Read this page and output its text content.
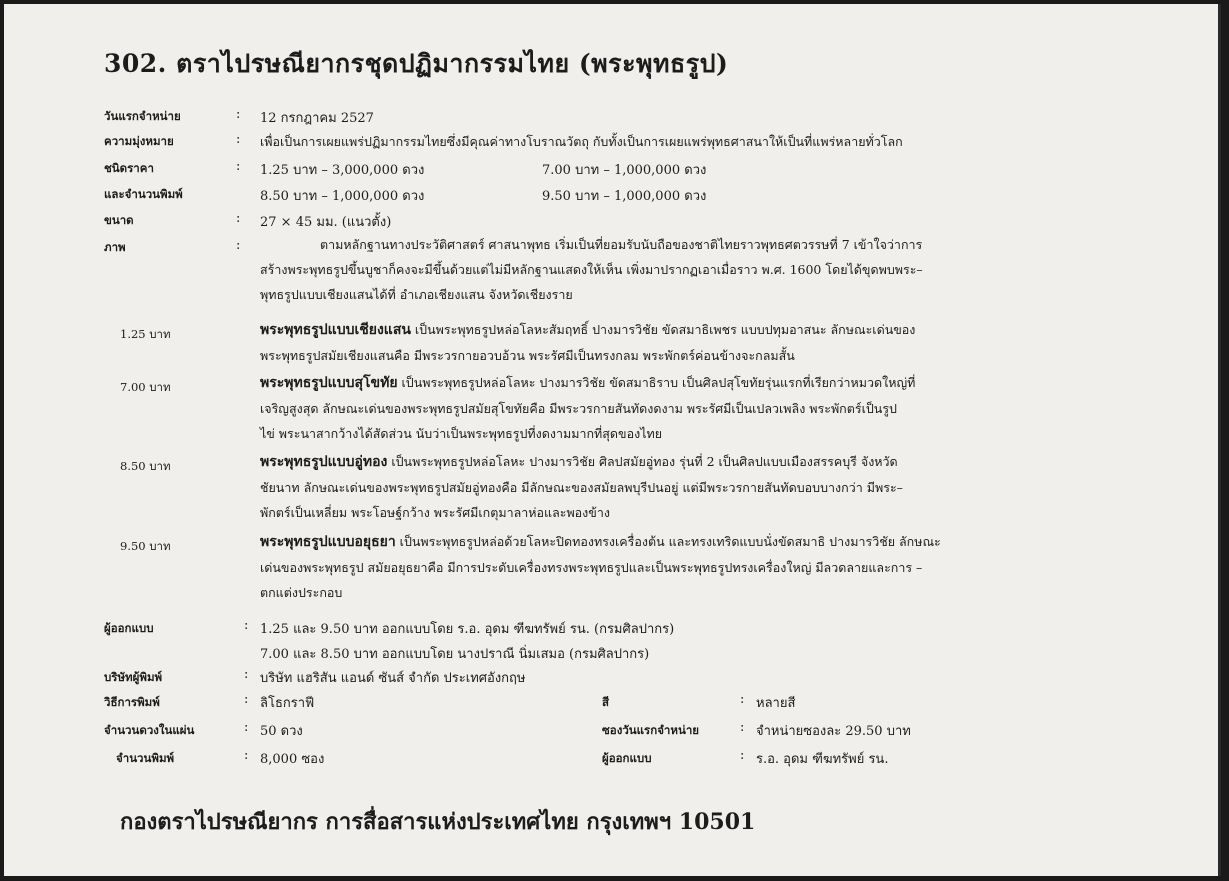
302. ตราไปรษณียากรชุดปฏิมากรรมไทย (พระพุทธรูป)
วันแรกจำหน่าย	: 12 กรกฎาคม 2527
ความมุ่งหมาย	: เพื่อเป็นการเผยแพร่ปฏิมากรรมไทยซึ่งมีคุณค่าทางโบราณวัตถุ กับทั้งเป็นการเผยแพร่พุทธศาสนาให้เป็นที่แพร่หลายทั่วโลก
ชนิดราคา	: 1.25 บาท – 3,000,000 ดวง	7.00 บาท – 1,000,000 ดวง
และจำนวนพิมพ์	8.50 บาท – 1,000,000 ดวง	9.50 บาท – 1,000,000 ดวง
ขนาด	: 27 × 45 มม. (แนวตั้ง)
ภาพ	:	ตามหลักฐานทางประวัติศาสตร์ ศาสนาพุทธ เริ่มเป็นที่ยอมรับนับถือของชาติไทยราวพุทธศตวรรษที่ 7 เข้าใจว่าการ
สร้างพระพุทธรูปขึ้นบูชาก็คงจะมีขึ้นด้วยแต่ไม่มีหลักฐานแสดงให้เห็น เพิ่งมาปรากฏเอาเมื่อราว พ.ศ. 1600 โดยได้ขุดพบพระ–
พุทธรูปแบบเชียงแสนได้ที่ อำเภอเชียงแสน จังหวัดเชียงราย
1.25 บาท	พระพุทธรูปแบบเชียงแสน เป็นพระพุทธรูปหล่อโลหะสัมฤทธิ์ ปางมารวิชัย ขัดสมาธิเพชร แบบปทุมอาสนะ ลักษณะเด่นของ
พระพุทธรูปสมัยเชียงแสนคือ มีพระวรกายอวบอ้วน พระรัศมีเป็นทรงกลม พระพักตร์ค่อนข้างจะกลมสั้น
7.00 บาท	พระพุทธรูปแบบสุโขทัย เป็นพระพุทธรูปหล่อโลหะ ปางมารวิชัย ขัดสมาธิราบ เป็นศิลปสุโขทัยรุ่นแรกที่เรียกว่าหมวดใหญ่ที่
เจริญสูงสุด ลักษณะเด่นของพระพุทธรูปสมัยสุโขทัยคือ มีพระวรกายสันทัดงดงาม พระรัศมีเป็นเปลวเพลิง พระพักตร์เป็นรูป
ไข่ พระนาสากว้างได้สัดส่วน นับว่าเป็นพระพุทธรูปที่งดงามมากที่สุดของไทย
8.50 บาท	พระพุทธรูปแบบอู่ทอง เป็นพระพุทธรูปหล่อโลหะ ปางมารวิชัย ศิลปสมัยอู่ทอง รุ่นที่ 2 เป็นศิลปแบบเมืองสรรคบุรี จังหวัด
ชัยนาท ลักษณะเด่นของพระพุทธรูปสมัยอู่ทองคือ มีลักษณะของสมัยลพบุรีปนอยู่ แต่มีพระวรกายสันทัดบอบบางกว่า มีพระ–
พักตร์เป็นเหลี่ยม พระโอษฐ์กว้าง พระรัศมีเกตุมาลาห่อและพองข้าง
9.50 บาท	พระพุทธรูปแบบอยุธยา เป็นพระพุทธรูปหล่อด้วยโลหะปิดทองทรงเครื่องต้น และทรงเทริดแบบนั่งขัดสมาธิ ปางมารวิชัย ลักษณะ
เด่นของพระพุทธรูป สมัยอยุธยาคือ มีการประดับเครื่องทรงพระพุทธรูปและเป็นพระพุทธรูปทรงเครื่องใหญ่ มีลวดลายและการ –
ตกแต่งประกอบ
ผู้ออกแบบ	: 1.25 และ 9.50 บาท ออกแบบโดย ร.อ. อุดม ฑีฆทรัพย์ รน. (กรมศิลปากร)
7.00 และ 8.50 บาท ออกแบบโดย นางปราณี นิ่มเสมอ (กรมศิลปากร)
บริษัทผู้พิมพ์	: บริษัท แฮริสัน แอนด์ ซันส์ จำกัด ประเทศอังกฤษ
วิธีการพิมพ์	: ลิโธกราฟี	สี	: หลายสี
จำนวนดวงในแผ่น	: 50 ดวง	ซองวันแรกจำหน่าย	: จำหน่ายซองละ 29.50 บาท
จำนวนพิมพ์	: 8,000 ซอง	ผู้ออกแบบ	: ร.อ. อุดม ฑีฆทรัพย์ รน.
กองตราไปรษณียากร การสื่อสารแห่งประเทศไทย กรุงเทพฯ 10501
